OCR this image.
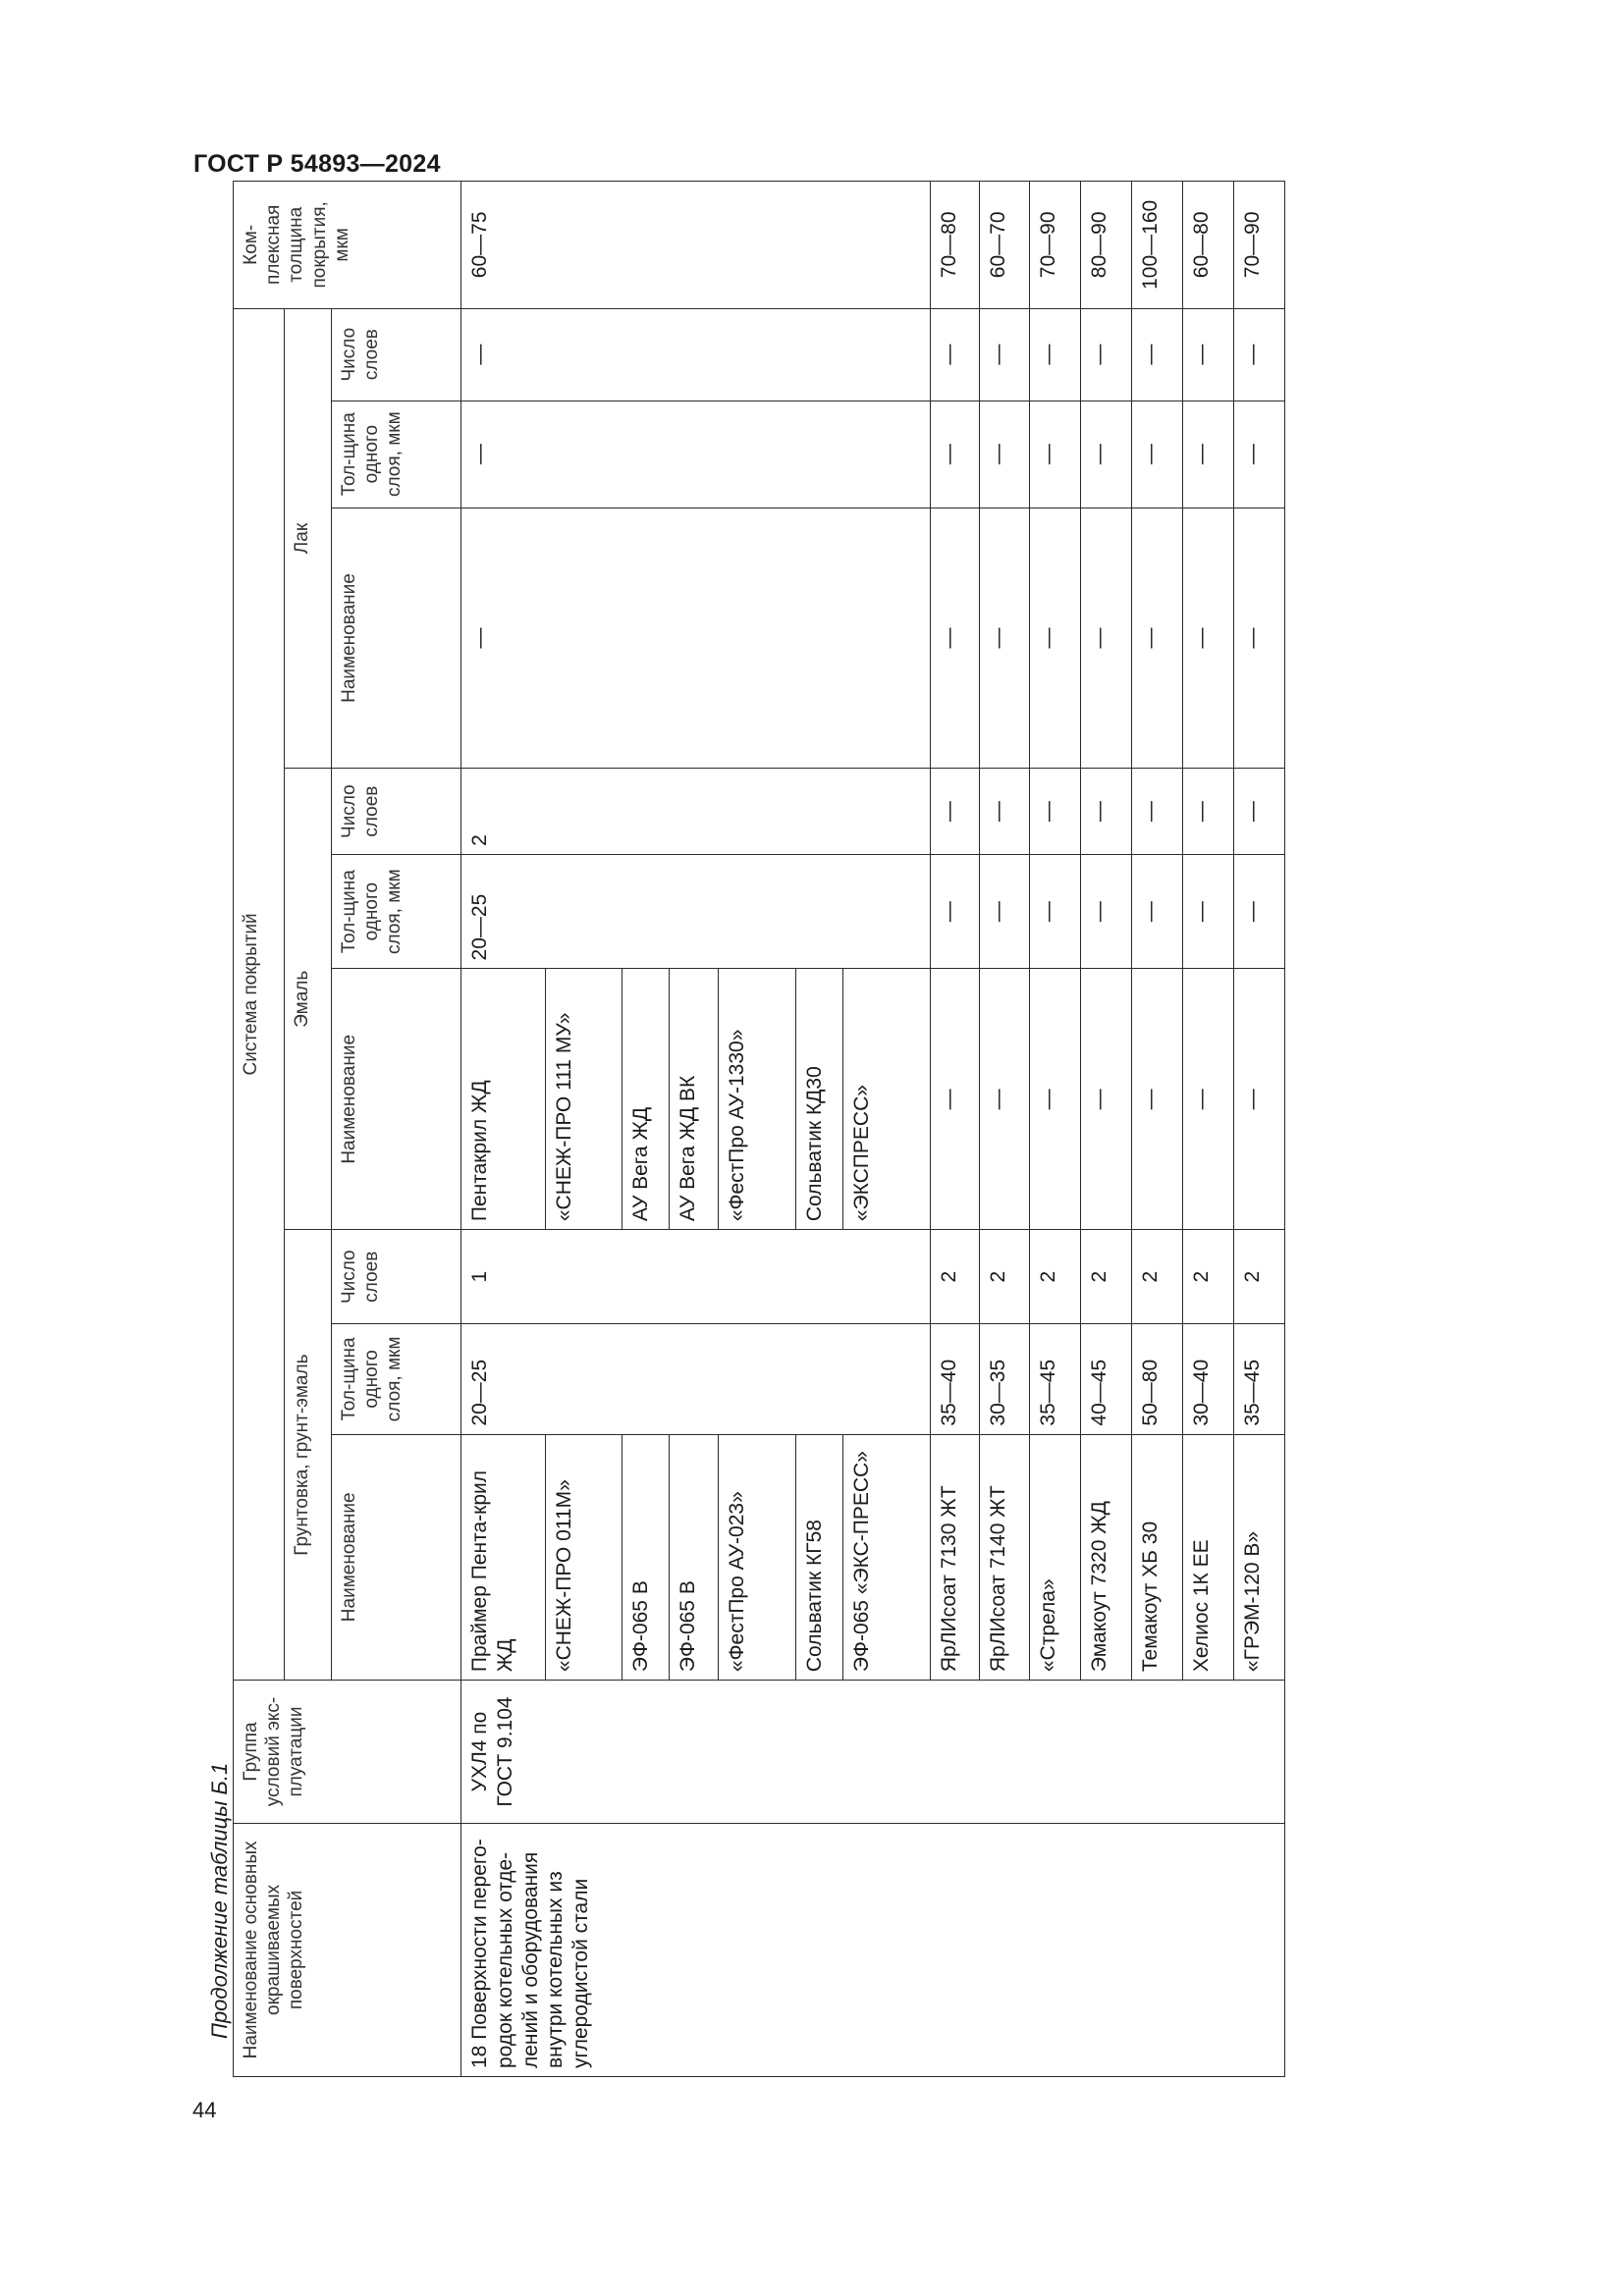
ГОСТ Р 54893—2024
Продолжение таблицы Б.1
44
Наименование основных окрашиваемых поверхностей	Группа условий экс-плуатации	Система покрытий									Ком-плексная толщина покрытия, мкм
		Грунтовка, грунт-эмаль			Эмаль			Лак			
		Наименование	Тол-щина одного слоя, мкм	Число слоев	Наименование	Тол-щина одного слоя, мкм	Число слоев	Наименование	Тол-щина одного слоя, мкм	Число слоев	
18 Поверхности перего-родок котельных отде-лений и оборудования внутри котельных из углеродистой стали	УХЛ4 по ГОСТ 9.104	Праймер Пента-крил ЖД	20—25	1	Пентакрил ЖД	20—25	2	—	—	—	60—75
		«СНЕЖ-ПРО 011М»			«СНЕЖ-ПРО 111 МУ»						
		ЭФ-065 В			АУ Вега ЖД						
		ЭФ-065 В			АУ Вега ЖД ВК						
		«ФестПро АУ-023»			«ФестПро АУ-1330»						
		Сольватик КГ58			Сольватик КД30						
		ЭФ-065 «ЭКС-ПРЕСС»			«ЭКСПРЕСС»						
		ЯрЛИсоат 7130 ЖТ	35—40	2	—	—	—	—	—	—	70—80
		ЯрЛИсоат 7140 ЖТ	30—35	2	—	—	—	—	—	—	60—70
		«Стрела»	35—45	2	—	—	—	—	—	—	70—90
		Эмакоут 7320 ЖД	40—45	2	—	—	—	—	—	—	80—90
		Темакоут ХБ 30	50—80	2	—	—	—	—	—	—	100—160
		Хелиос 1К ЕЕ	30—40	2	—	—	—	—	—	—	60—80
		«ГРЭМ-120 В»	35—45	2	—	—	—	—	—	—	70—90
